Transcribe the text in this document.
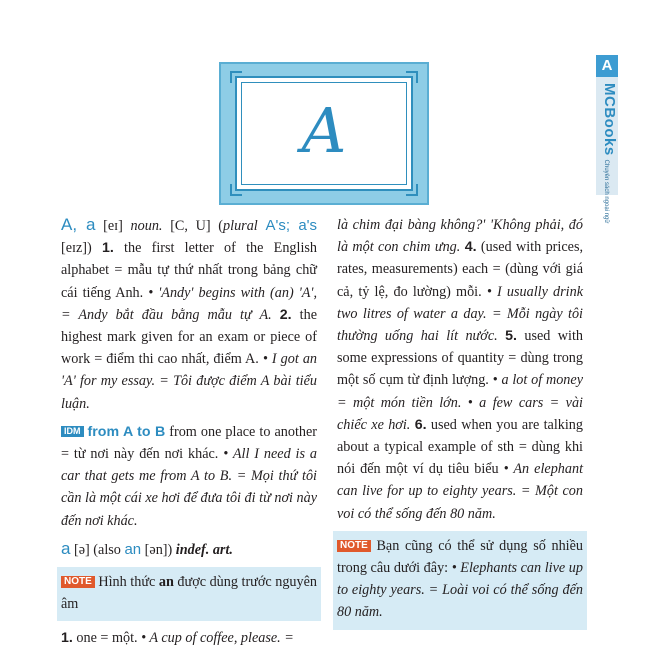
A
A
MCBooksChuyên sách ngoại ngữ

A, a [eɪ] noun. [C, U] (plural A's; a's [eɪz]) 1. the first letter of the English alphabet = mẫu tự thứ nhất trong bảng chữ cái tiếng Anh. • 'Andy' begins with (an) 'A', = Andy bắt đầu bằng mẫu tự A. 2. the highest mark given for an exam or piece of work = điểm thi cao nhất, điểm A. • I got an 'A' for my essay. = Tôi được điểm A bài tiểu luận.

IDM from A to B from one place to another = từ nơi này đến nơi khác. • All I need is a car that gets me from A to B. = Mọi thứ tôi cần là một cái xe hơi để đưa tôi đi từ nơi này đến nơi khác.

a [ə] (also an [ən]) indef. art.

NOTE Hình thức an được dùng trước nguyên âm

1. one = một. • A cup of coffee, please. =

là chim đại bàng không?' 'Không phải, đó là một con chim ưng. 4. (used with prices, rates, measurements) each = (dùng với giá cả, tỷ lệ, đo lường) mỗi. • I usually drink two litres of water a day. = Mỗi ngày tôi thường uống hai lít nước. 5. used with some expressions of quantity = dùng trong một số cụm từ định lượng. • a lot of money = một món tiền lớn. • a few cars = vài chiếc xe hơi. 6. used when you are talking about a typical example of sth = dùng khi nói đến một ví dụ tiêu biểu • An elephant can live for up to eighty years. = Một con voi có thể sống đến 80 năm.

NOTE Bạn cũng có thể sử dụng số nhiều trong câu dưới đây: • Elephants can live up to eighty years. = Loài voi có thể sống đến 80 năm.
